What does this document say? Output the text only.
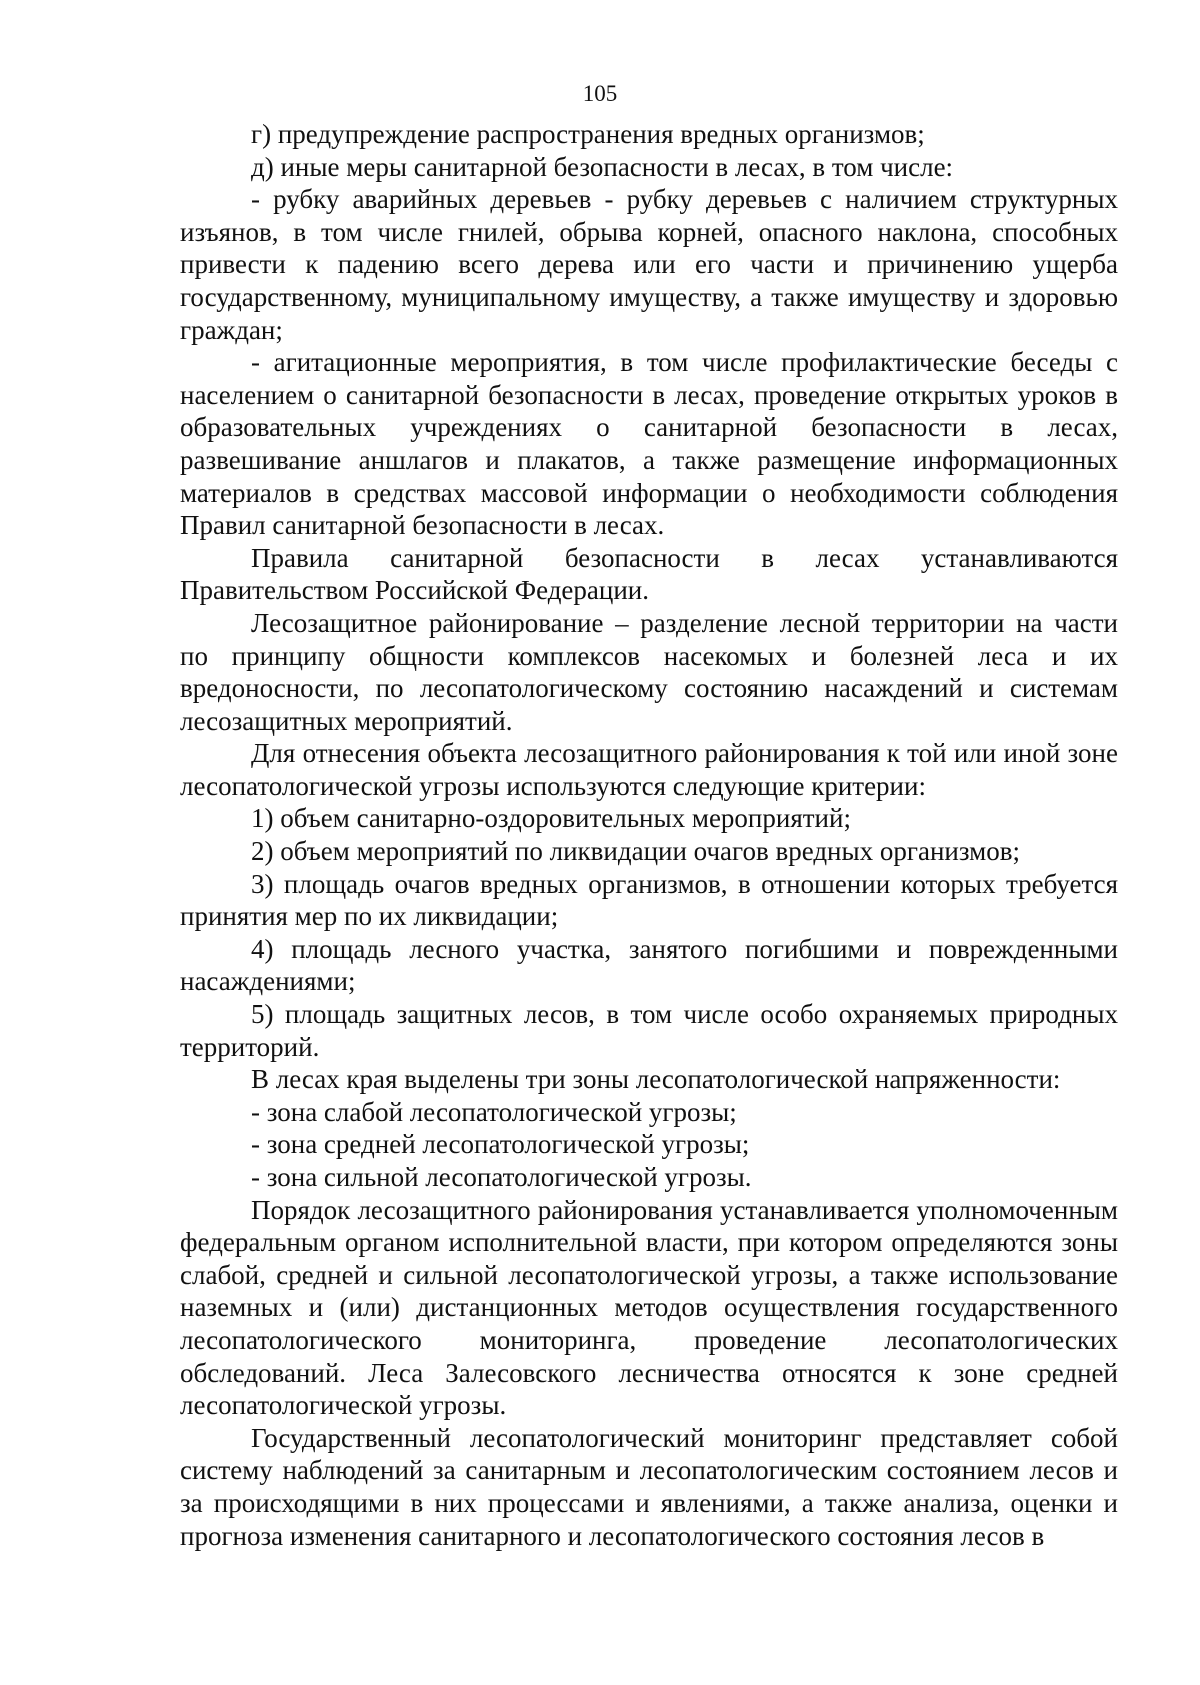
105

г) предупреждение распространения вредных организмов;

д) иные меры санитарной безопасности в лесах, в том числе:

- рубку аварийных деревьев - рубку деревьев с наличием структурных изъянов, в том числе гнилей, обрыва корней, опасного наклона, способных привести к падению всего дерева или его части и причинению ущерба государственному, муниципальному имуществу, а также имуществу и здоровью граждан;

- агитационные мероприятия, в том числе профилактические беседы с населением о санитарной безопасности в лесах, проведение открытых уроков в образовательных учреждениях о санитарной безопасности в лесах, развешивание аншлагов и плакатов, а также размещение информационных материалов в средствах массовой информации о необходимости соблюдения Правил санитарной безопасности в лесах.

Правила санитарной безопасности в лесах устанавливаются Правительством Российской Федерации.

Лесозащитное районирование – разделение лесной территории на части по принципу общности комплексов насекомых и болезней леса и их вредоносности, по лесопатологическому состоянию насаждений и системам лесозащитных мероприятий.

Для отнесения объекта лесозащитного районирования к той или иной зоне лесопатологической угрозы используются следующие критерии:

1) объем санитарно-оздоровительных мероприятий;

2) объем мероприятий по ликвидации очагов вредных организмов;

3) площадь очагов вредных организмов, в отношении которых требуется принятия мер по их ликвидации;

4) площадь лесного участка, занятого погибшими и поврежденными насаждениями;

5) площадь защитных лесов, в том числе особо охраняемых природных территорий.

В лесах края выделены три зоны лесопатологической напряженности:

- зона слабой лесопатологической угрозы;

- зона средней лесопатологической угрозы;

- зона сильной лесопатологической угрозы.

Порядок лесозащитного районирования устанавливается уполномоченным федеральным органом исполнительной власти, при котором определяются зоны слабой, средней и сильной лесопатологической угрозы, а также использование наземных и (или) дистанционных методов осуществления государственного лесопатологического мониторинга, проведение лесопатологических обследований. Леса Залесовского лесничества относятся к зоне средней лесопатологической угрозы.

Государственный лесопатологический мониторинг представляет собой систему наблюдений за санитарным и лесопатологическим состоянием лесов и за происходящими в них процессами и явлениями, а также анализа, оценки и прогноза изменения санитарного и лесопатологического состояния лесов в
